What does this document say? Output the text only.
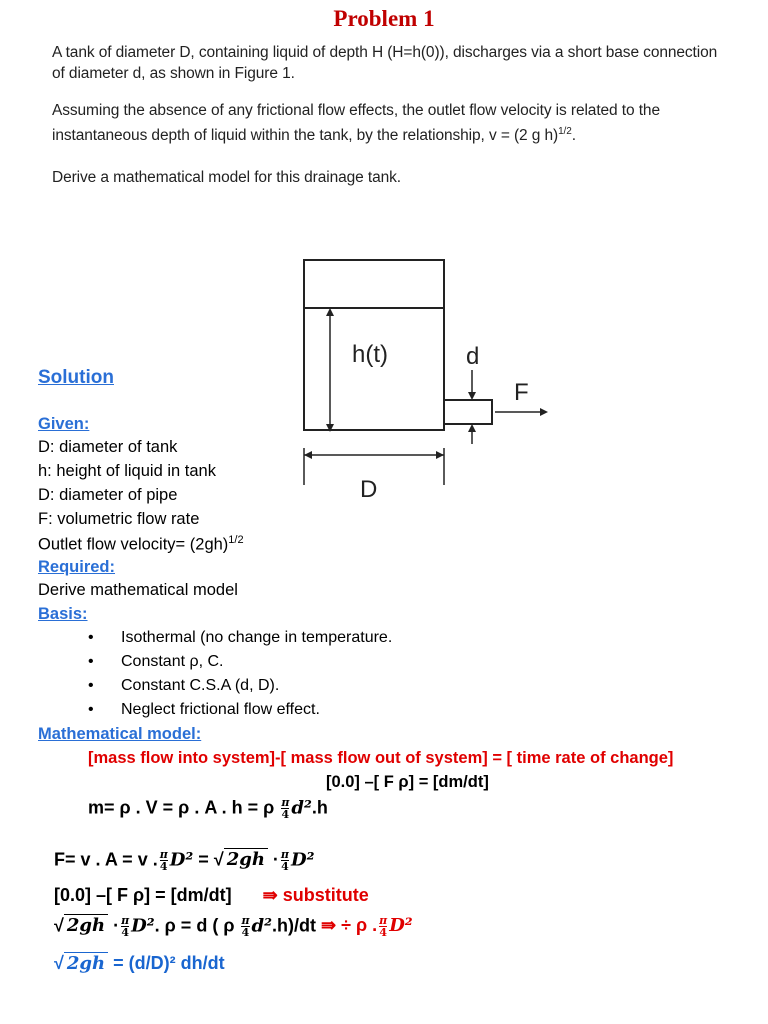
Problem 1
A tank of diameter D, containing liquid of depth H (H=h(0)), discharges via a short base connection of diameter d, as shown in Figure 1.
Assuming the absence of any frictional flow effects, the outlet flow velocity is related to the instantaneous depth of liquid within the tank, by the relationship, v = (2 g h)$^{1/2}$.
Derive a mathematical model for this drainage tank.
h(t)	d
F
D
Solution
Given:
D: diameter of tank
h: height of liquid in tank
D: diameter of pipe
F: volumetric flow rate
Outlet flow velocity= $(2gh)^{1/2}$
Required:
Derive mathematical model
Basis:
• Isothermal (no change in temperature.
• Constant ρ, C.
• Constant C.S.A (d, D).
• Neglect frictional flow effect.
Mathematical model:
[mass flow into system]-[ mass flow out of system] = [ time rate of change]
[0.0] –[ F ρ] = [dm/dt]
m= ρ . V = ρ . A . h = ρ $\frac{\pi}{4} d^2.h$
F= v . A = v . $\frac{\pi}{4} D^2$ = √ $2gh \cdot \frac{\pi}{4} D^2$
[0.0] –[ F ρ] = [dm/dt] ⇛ substitute
√ $2gh \cdot \frac{\pi}{4} D^2$. ρ = d ( ρ $\frac{\pi}{4} d^2.h)/dt$ ⇛ ÷ ρ . $\frac{\pi}{4} D^2$
√ 2gh = (d/D)² dh/dt
